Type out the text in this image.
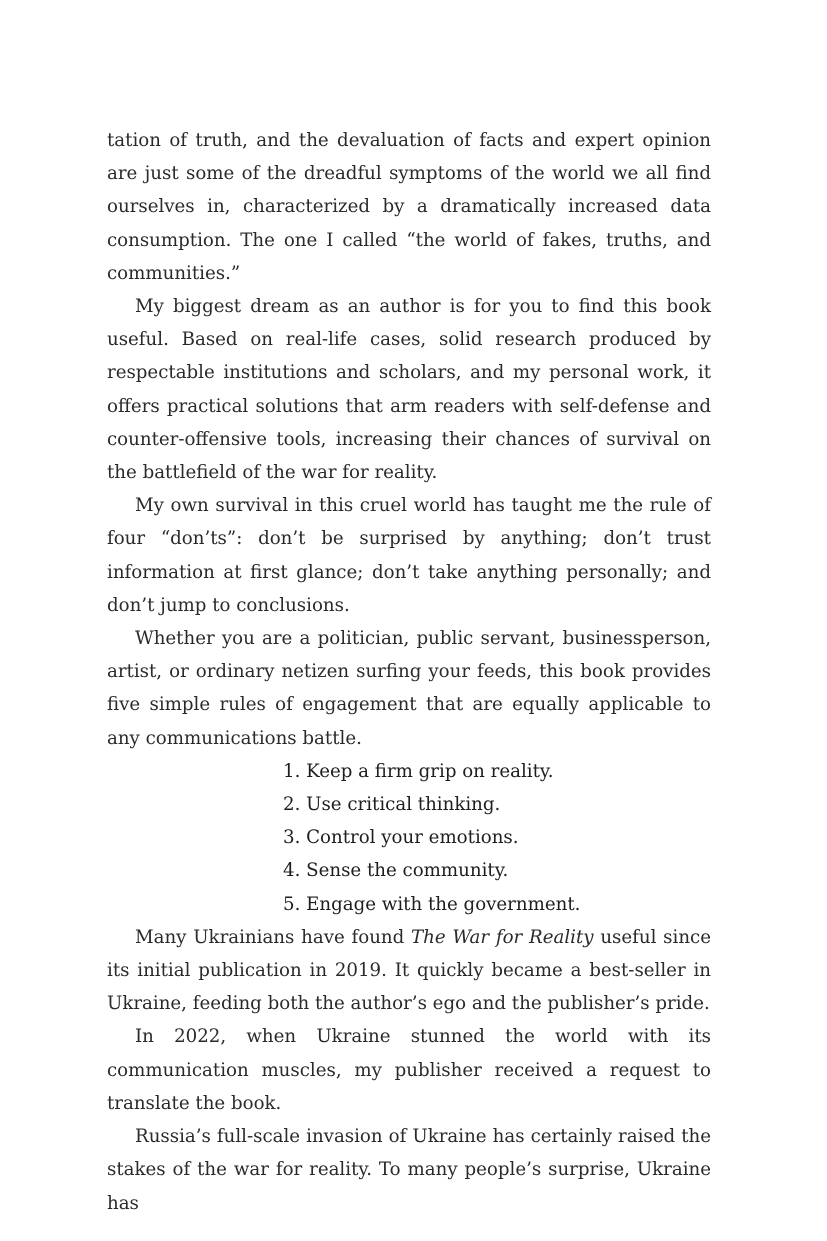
tation of truth, and the devaluation of facts and expert opinion are just some of the dreadful symptoms of the world we all find ourselves in, characterized by a dramatically increased data consumption. The one I called “the world of fakes, truths, and communities.”

My biggest dream as an author is for you to find this book useful. Based on real-life cases, solid research produced by respectable institutions and scholars, and my personal work, it offers practical solutions that arm readers with self-defense and counter-offensive tools, increasing their chances of survival on the battlefield of the war for reality.

My own survival in this cruel world has taught me the rule of four “don’ts”: don’t be surprised by anything; don’t trust information at first glance; don’t take anything personally; and don’t jump to conclusions.

Whether you are a politician, public servant, businessperson, artist, or ordinary netizen surfing your feeds, this book provides five simple rules of engagement that are equally applicable to any communications battle.

1. Keep a firm grip on reality.
2. Use critical thinking.
3. Control your emotions.
4. Sense the community.
5. Engage with the government.

Many Ukrainians have found The War for Reality useful since its initial publication in 2019. It quickly became a best-seller in Ukraine, feeding both the author’s ego and the publisher’s pride.

In 2022, when Ukraine stunned the world with its communication muscles, my publisher received a request to translate the book.

Russia’s full-scale invasion of Ukraine has certainly raised the stakes of the war for reality. To many people’s surprise, Ukraine has
